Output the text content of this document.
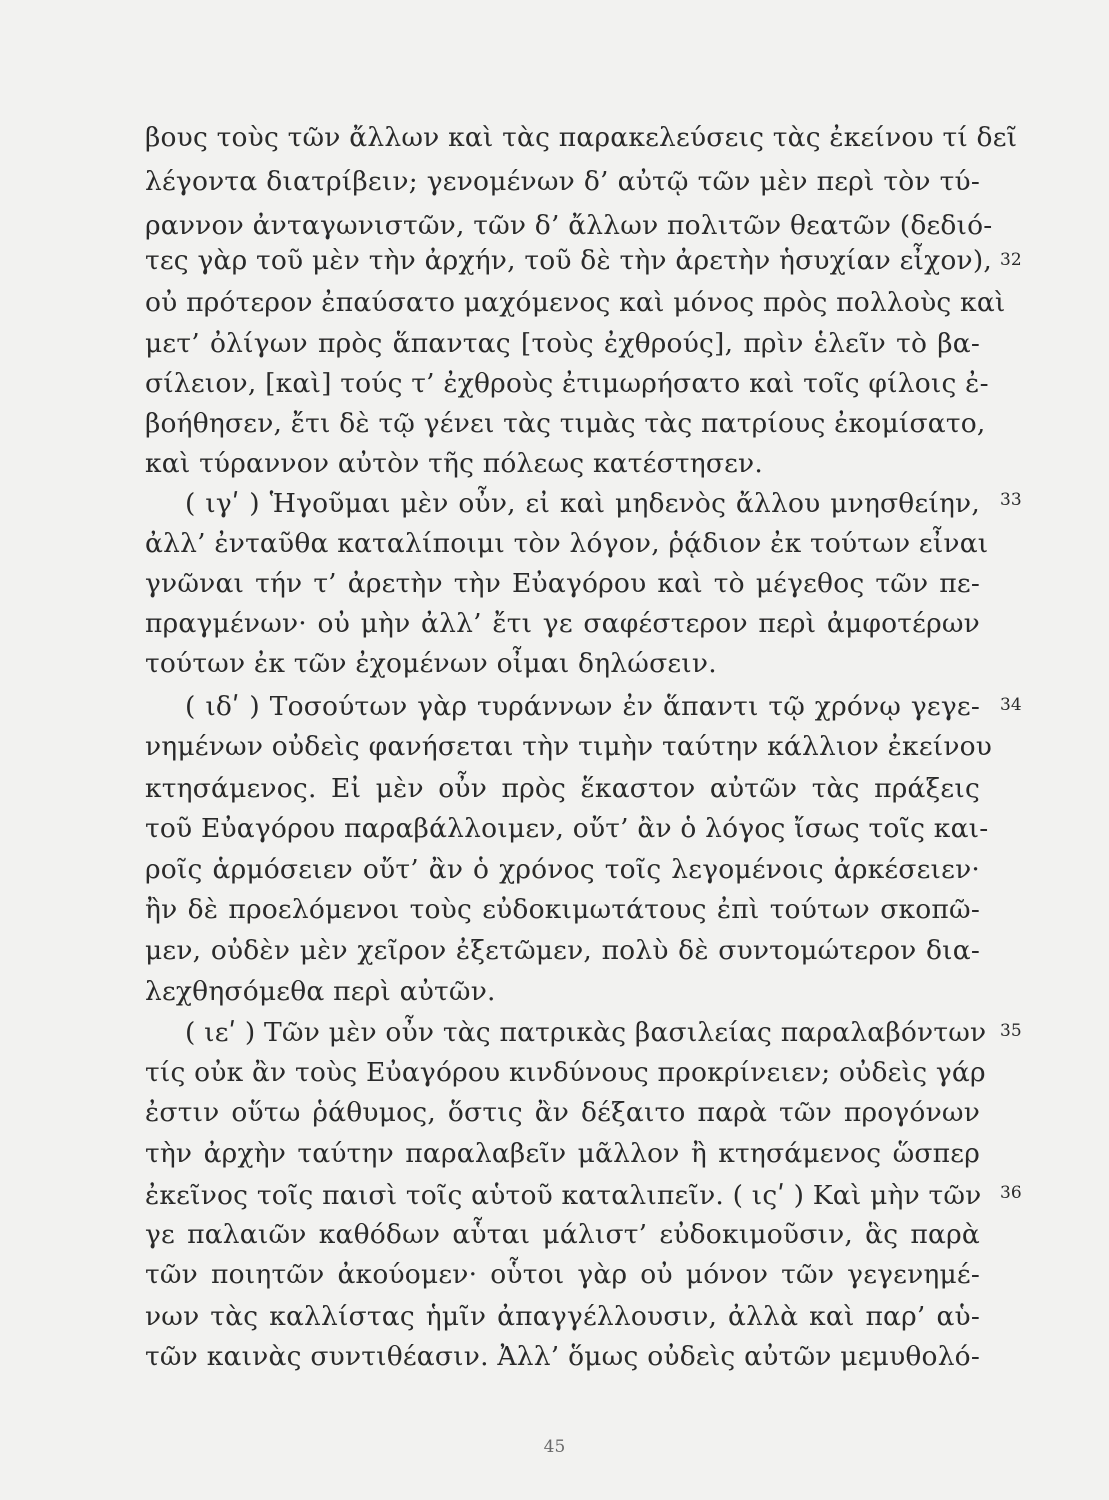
βους τοὺς τῶν ἄλλων καὶ τὰς παρακελεύσεις τὰς ἐκείνου τί δεῖ
λέγοντα διατρίβειν; γενομένων δ’ αὐτῷ τῶν μὲν περὶ τὸν τύ-
ραννον ἀνταγωνιστῶν, τῶν δ’ ἄλλων πολιτῶν θεατῶν (δεδιό-
τες γὰρ τοῦ μὲν τὴν ἀρχήν, τοῦ δὲ τὴν ἀρετὴν ἡσυχίαν εἶχον),
οὐ πρότερον ἐπαύσατο μαχόμενος καὶ μόνος πρὸς πολλοὺς καὶ
μετ’ ὀλίγων πρὸς ἅπαντας [τοὺς ἐχθρούς], πρὶν ἑλεῖν τὸ βα-
σίλειον, [καὶ] τούς τ’ ἐχθροὺς ἐτιμωρήσατο καὶ τοῖς φίλοις ἐ-
βοήθησεν, ἔτι δὲ τῷ γένει τὰς τιμὰς τὰς πατρίους ἐκομίσατο,
καὶ τύραννον αὐτὸν τῆς πόλεως κατέστησεν.
( ιγʹ ) Ἡγοῦμαι μὲν οὖν, εἰ καὶ μηδενὸς ἄλλου μνησθείην,
ἀλλ’ ἐνταῦθα καταλίποιμι τὸν λόγον, ῥᾴδιον ἐκ τούτων εἶναι
γνῶναι τήν τ’ ἀρετὴν τὴν Εὐαγόρου καὶ τὸ μέγεθος τῶν πε-
πραγμένων· οὐ μὴν ἀλλ’ ἔτι γε σαφέστερον περὶ ἀμφοτέρων
τούτων ἐκ τῶν ἐχομένων οἶμαι δηλώσειν.
( ιδʹ ) Τοσούτων γὰρ τυράννων ἐν ἅπαντι τῷ χρόνῳ γεγε-
νημένων οὐδεὶς φανήσεται τὴν τιμὴν ταύτην κάλλιον ἐκείνου
κτησάμενος. Εἰ μὲν οὖν πρὸς ἕκαστον αὐτῶν τὰς πράξεις
τοῦ Εὐαγόρου παραβάλλοιμεν, οὔτ’ ἂν ὁ λόγος ἴσως τοῖς και-
ροῖς ἁρμόσειεν οὔτ’ ἂν ὁ χρόνος τοῖς λεγομένοις ἀρκέσειεν·
ἢν δὲ προελόμενοι τοὺς εὐδοκιμωτάτους ἐπὶ τούτων σκοπῶ-
μεν, οὐδὲν μὲν χεῖρον ἐξετῶμεν, πολὺ δὲ συντομώτερον δια-
λεχθησόμεθα περὶ αὐτῶν.
( ιεʹ ) Τῶν μὲν οὖν τὰς πατρικὰς βασιλείας παραλαβόντων
τίς οὐκ ἂν τοὺς Εὐαγόρου κινδύνους προκρίνειεν; οὐδεὶς γάρ
ἐστιν οὕτω ῥάθυμος, ὅστις ἂν δέξαιτο παρὰ τῶν προγόνων
τὴν ἀρχὴν ταύτην παραλαβεῖν μᾶλλον ἢ κτησάμενος ὥσπερ
ἐκεῖνος τοῖς παισὶ τοῖς αὑτοῦ καταλιπεῖν. ( ιςʹ ) Καὶ μὴν τῶν
γε παλαιῶν καθόδων αὗται μάλιστ’ εὐδοκιμοῦσιν, ἃς παρὰ
τῶν ποιητῶν ἀκούομεν· οὗτοι γὰρ οὐ μόνον τῶν γεγενημέ-
νων τὰς καλλίστας ἡμῖν ἀπαγγέλλουσιν, ἀλλὰ καὶ παρ’ αὑ-
τῶν καινὰς συντιθέασιν. Ἀλλ’ ὅμως οὐδεὶς αὐτῶν μεμυθολό-
32
33
34
35
36
45
